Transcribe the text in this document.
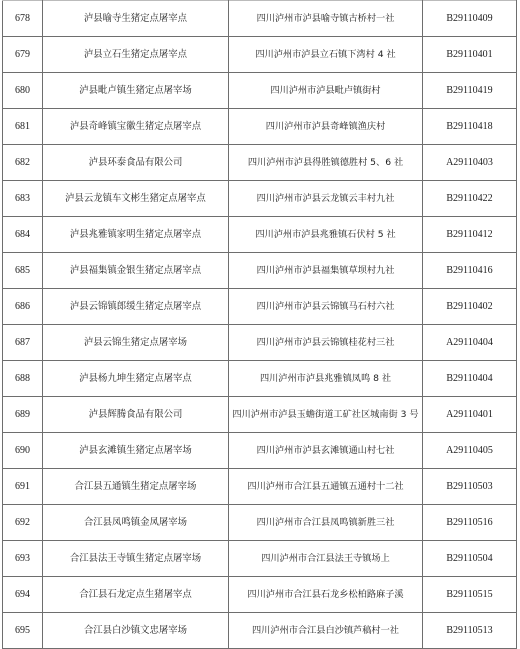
678	泸县喻寺生猪定点屠宰点	四川泸州市泸县喻寺镇古桥村一社	B29110409
679	泸县立石生猪定点屠宰点	四川泸州市泸县立石镇下湾村 4 社	B29110401
680	泸县毗卢镇生猪定点屠宰场	四川泸州市泸县毗卢镇街村	B29110419
681	泸县奇峰镇宝徽生猪定点屠宰点	四川泸州市泸县奇峰镇渔庆村	B29110418
682	泸县环泰食品有限公司	四川泸州市泸县得胜镇德胜村 5、6 社	A29110403
683	泸县云龙镇车文彬生猪定点屠宰点	四川泸州市泸县云龙镇云丰村九社	B29110422
684	泸县兆雅镇家明生猪定点屠宰点	四川泸州市泸县兆雅镇石伏村 5 社	B29110412
685	泸县福集镇金银生猪定点屠宰点	四川泸州市泸县福集镇草坝村九社	B29110416
686	泸县云锦镇郎缓生猪定点屠宰点	四川泸州市泸县云锦镇马石村六社	B29110402
687	泸县云锦生猪定点屠宰场	四川泸州市泸县云锦镇桂花村三社	A29110404
688	泸县杨九坤生猪定点屠宰点	四川泸州市泸县兆雅镇凤鸣 8 社	B29110404
689	泸县辉腾食品有限公司	四川泸州市泸县玉蟾街道工矿社区城南街 3 号	A29110401
690	泸县玄滩镇生猪定点屠宰场	四川泸州市泸县玄滩镇通山村七社	A29110405
691	合江县五通镇生猪定点屠宰场	四川泸州市合江县五通镇五通村十二社	B29110503
692	合江县凤鸣镇金凤屠宰场	四川泸州市合江县凤鸣镇新胜三社	B29110516
693	合江县法王寺镇生猪定点屠宰场	四川泸州市合江县法王寺镇场上	B29110504
694	合江县石龙定点生猪屠宰点	四川泸州市合江县石龙乡松柏路麻子溪	B29110515
695	合江县白沙镇文忠屠宰场	四川泸州市合江县白沙镇芦稿村一社	B29110513
